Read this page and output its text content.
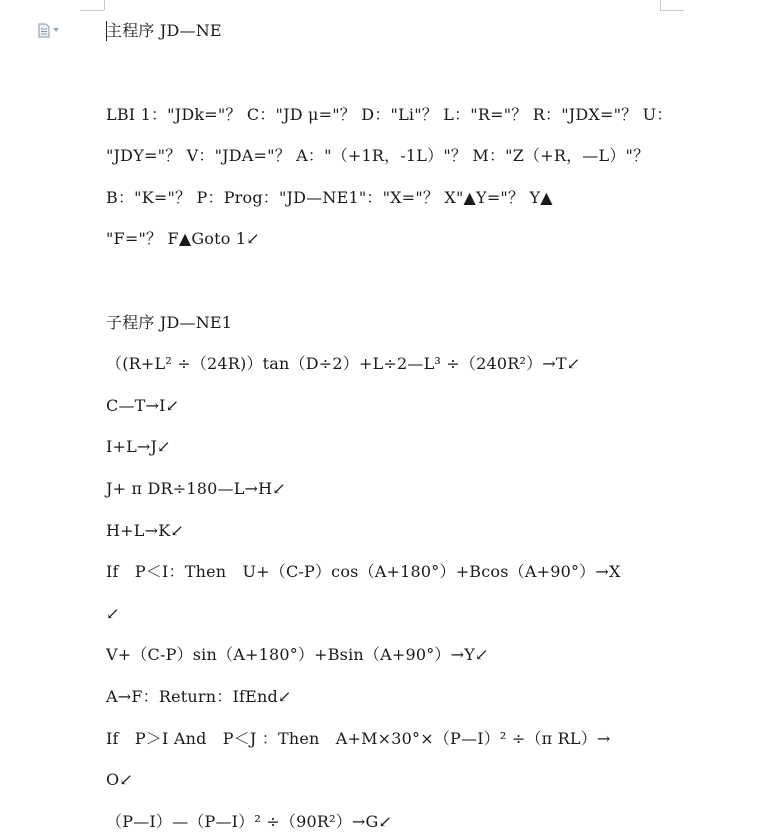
主程序 JD—NE
LBI 1："JDk="？ C："JD μ="？ D："Li"？ L："R="？ R："JDX="？ U：
"JDY="？ V："JDA="？ A："（+1R，-1L）"？ M："Z（+R，—L）"？
B："K="？ P：Prog："JD—NE1"："X="？ X"▲Y="？ Y▲
"F="？ F▲Goto 1↙
子程序 JD—NE1
（(R+L² ÷（24R)）tan（D÷2）+L÷2—L³ ÷（240R²）→T↙
C—T→I↙
I+L→J↙
J+ π DR÷180—L→H↙
H+L→K↙
If　P＜I：Then　U+（C-P）cos（A+180°）+Bcos（A+90°）→X
↙
V+（C-P）sin（A+180°）+Bsin（A+90°）→Y↙
A→F：Return：IfEnd↙
If　P＞I And　P＜J ：Then　A+M×30°×（P—I）² ÷（π RL）→
O↙
（P—I）—（P—I）² ÷（90R²）→G↙
